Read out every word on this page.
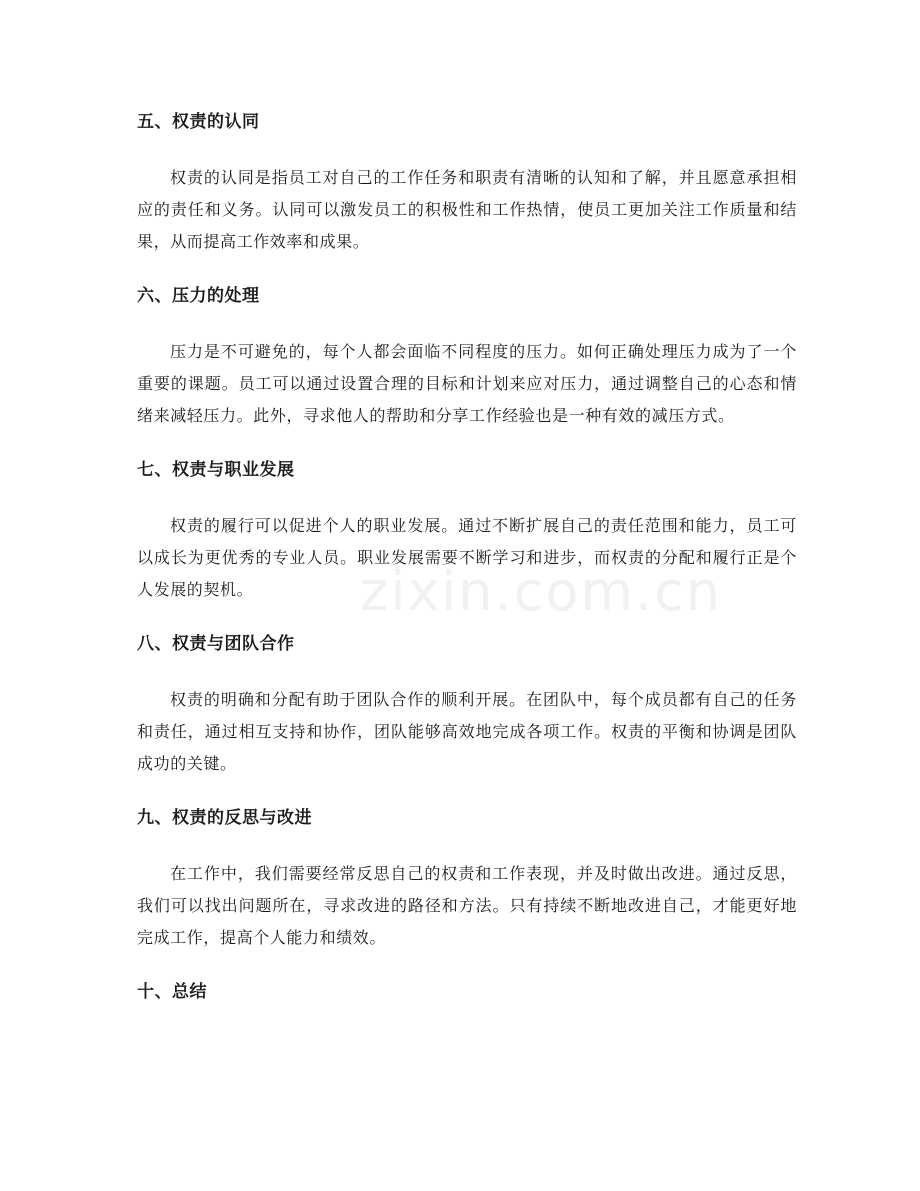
zixin.com.cn
五、权责的认同

权责的认同是指员工对自己的工作任务和职责有清晰的认知和了解，并且愿意承担相应的责任和义务。认同可以激发员工的积极性和工作热情，使员工更加关注工作质量和结果，从而提高工作效率和成果。

六、压力的处理

压力是不可避免的，每个人都会面临不同程度的压力。如何正确处理压力成为了一个重要的课题。员工可以通过设置合理的目标和计划来应对压力，通过调整自己的心态和情绪来减轻压力。此外，寻求他人的帮助和分享工作经验也是一种有效的减压方式。

七、权责与职业发展

权责的履行可以促进个人的职业发展。通过不断扩展自己的责任范围和能力，员工可以成长为更优秀的专业人员。职业发展需要不断学习和进步，而权责的分配和履行正是个人发展的契机。

八、权责与团队合作

权责的明确和分配有助于团队合作的顺利开展。在团队中，每个成员都有自己的任务和责任，通过相互支持和协作，团队能够高效地完成各项工作。权责的平衡和协调是团队成功的关键。

九、权责的反思与改进

在工作中，我们需要经常反思自己的权责和工作表现，并及时做出改进。通过反思，我们可以找出问题所在，寻求改进的路径和方法。只有持续不断地改进自己，才能更好地完成工作，提高个人能力和绩效。

十、总结
